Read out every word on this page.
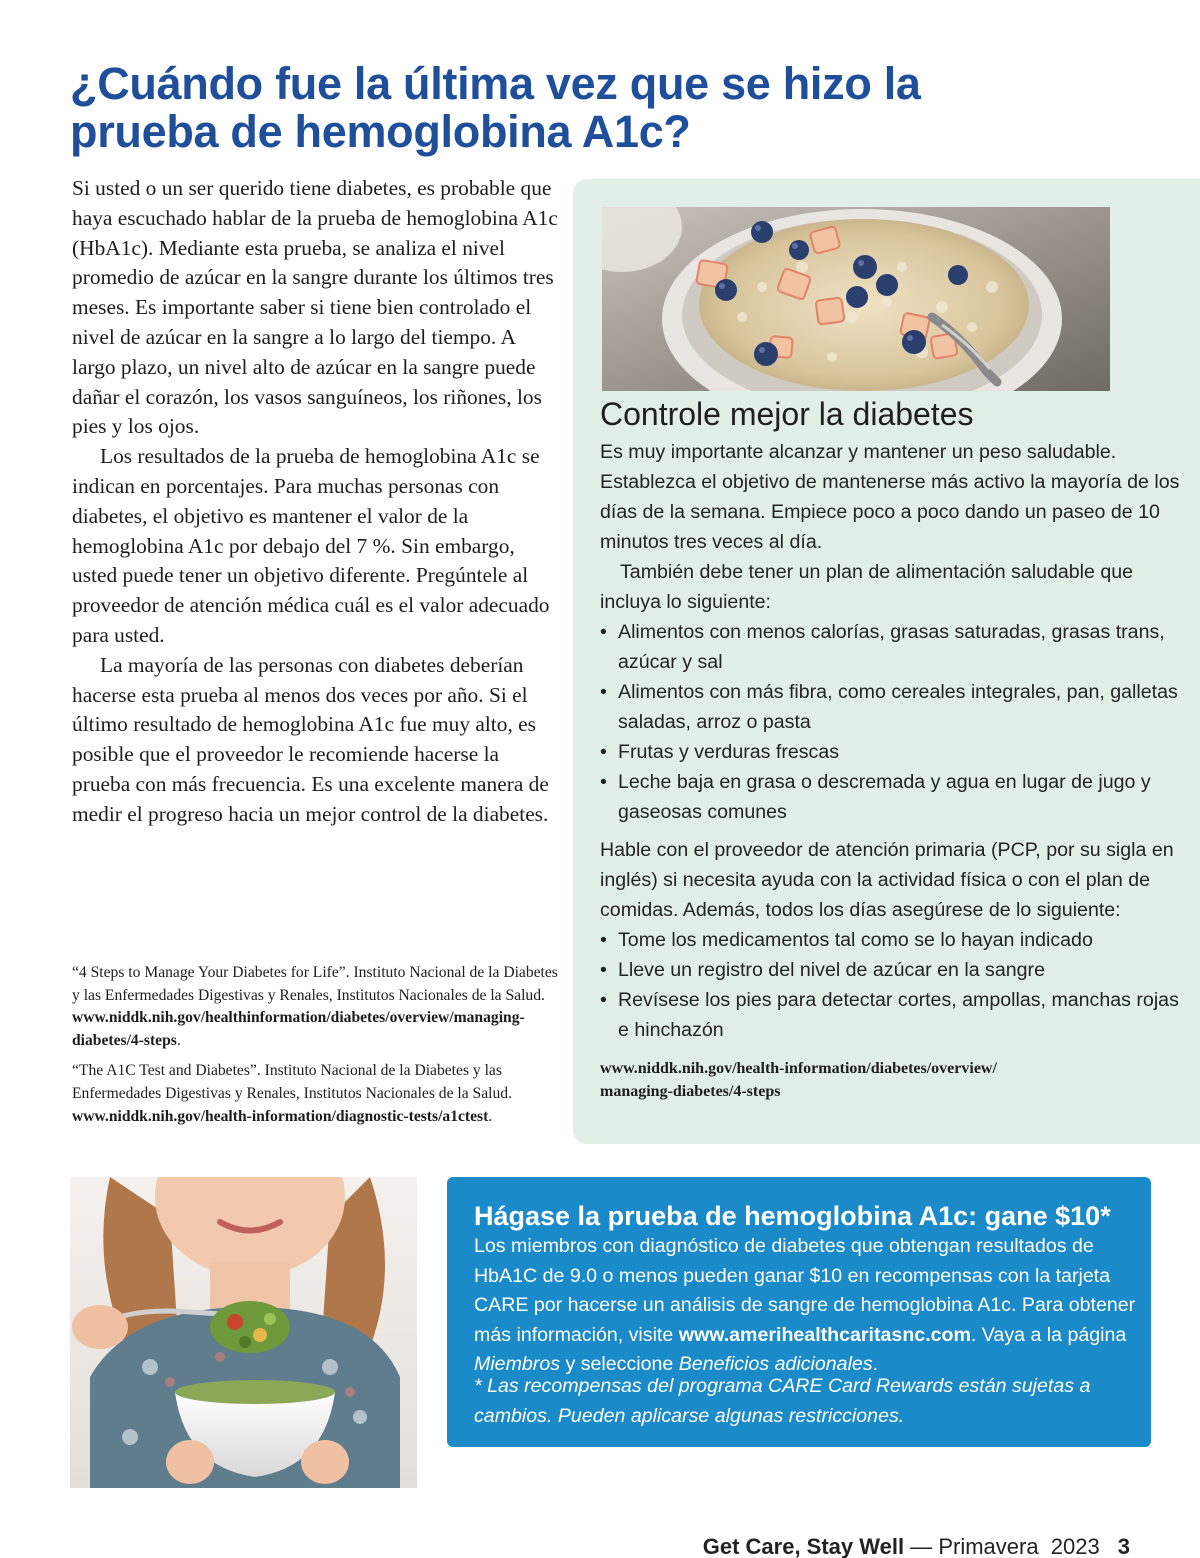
¿Cuándo fue la última vez que se hizo la
prueba de hemoglobina A1c?

Si usted o un ser querido tiene diabetes, es probable que haya escuchado hablar de la prueba de hemoglobina A1c (HbA1c). Mediante esta prueba, se analiza el nivel promedio de azúcar en la sangre durante los últimos tres meses. Es importante saber si tiene bien controlado el nivel de azúcar en la sangre a lo largo del tiempo. A largo plazo, un nivel alto de azúcar en la sangre puede dañar el corazón, los vasos sanguíneos, los riñones, los pies y los ojos.

Los resultados de la prueba de hemoglobina A1c se indican en porcentajes. Para muchas personas con diabetes, el objetivo es mantener el valor de la hemoglobina A1c por debajo del 7 %. Sin embargo, usted puede tener un objetivo diferente. Pregúntele al proveedor de atención médica cuál es el valor adecuado para usted.

La mayoría de las personas con diabetes deberían hacerse esta prueba al menos dos veces por año. Si el último resultado de hemoglobina A1c fue muy alto, es posible que el proveedor le recomiende hacerse la prueba con más frecuencia. Es una excelente manera de medir el progreso hacia un mejor control de la diabetes.

“4 Steps to Manage Your Diabetes for Life”. Instituto Nacional de la Diabetes y las Enfermedades Digestivas y Renales, Institutos Nacionales de la Salud. www.niddk.nih.gov/healthinformation/diabetes/overview/managing-diabetes/4-steps.

“The A1C Test and Diabetes”. Instituto Nacional de la Diabetes y las Enfermedades Digestivas y Renales, Institutos Nacionales de la Salud. www.niddk.nih.gov/health-information/diagnostic-tests/a1ctest.

Controle mejor la diabetes

Es muy importante alcanzar y mantener un peso saludable. Establezca el objetivo de mantenerse más activo la mayoría de los días de la semana. Empiece poco a poco dando un paseo de 10 minutos tres veces al día.

También debe tener un plan de alimentación saludable que incluya lo siguiente:

• Alimentos con menos calorías, grasas saturadas, grasas trans, azúcar y sal
• Alimentos con más fibra, como cereales integrales, pan, galletas saladas, arroz o pasta
• Frutas y verduras frescas
• Leche baja en grasa o descremada y agua en lugar de jugo y gaseosas comunes

Hable con el proveedor de atención primaria (PCP, por su sigla en inglés) si necesita ayuda con la actividad física o con el plan de comidas. Además, todos los días asegúrese de lo siguiente:

• Tome los medicamentos tal como se lo hayan indicado
• Lleve un registro del nivel de azúcar en la sangre
• Revísese los pies para detectar cortes, ampollas, manchas rojas e hinchazón
www.niddk.nih.gov/health-information/diabetes/overview/
managing-diabetes/4-steps
Hágase la prueba de hemoglobina A1c: gane $10*
Los miembros con diagnóstico de diabetes que obtengan resultados de HbA1C de 9.0 o menos pueden ganar $10 en recompensas con la tarjeta CARE por hacerse un análisis de sangre de hemoglobina A1c. Para obtener más información, visite www.amerihealthcaritasnc.com. Vaya a la página Miembros y seleccione Beneficios adicionales.
* Las recompensas del programa CARE Card Rewards están sujetas a cambios. Pueden aplicarse algunas restricciones.
Get Care, Stay Well — Primavera  2023 3
